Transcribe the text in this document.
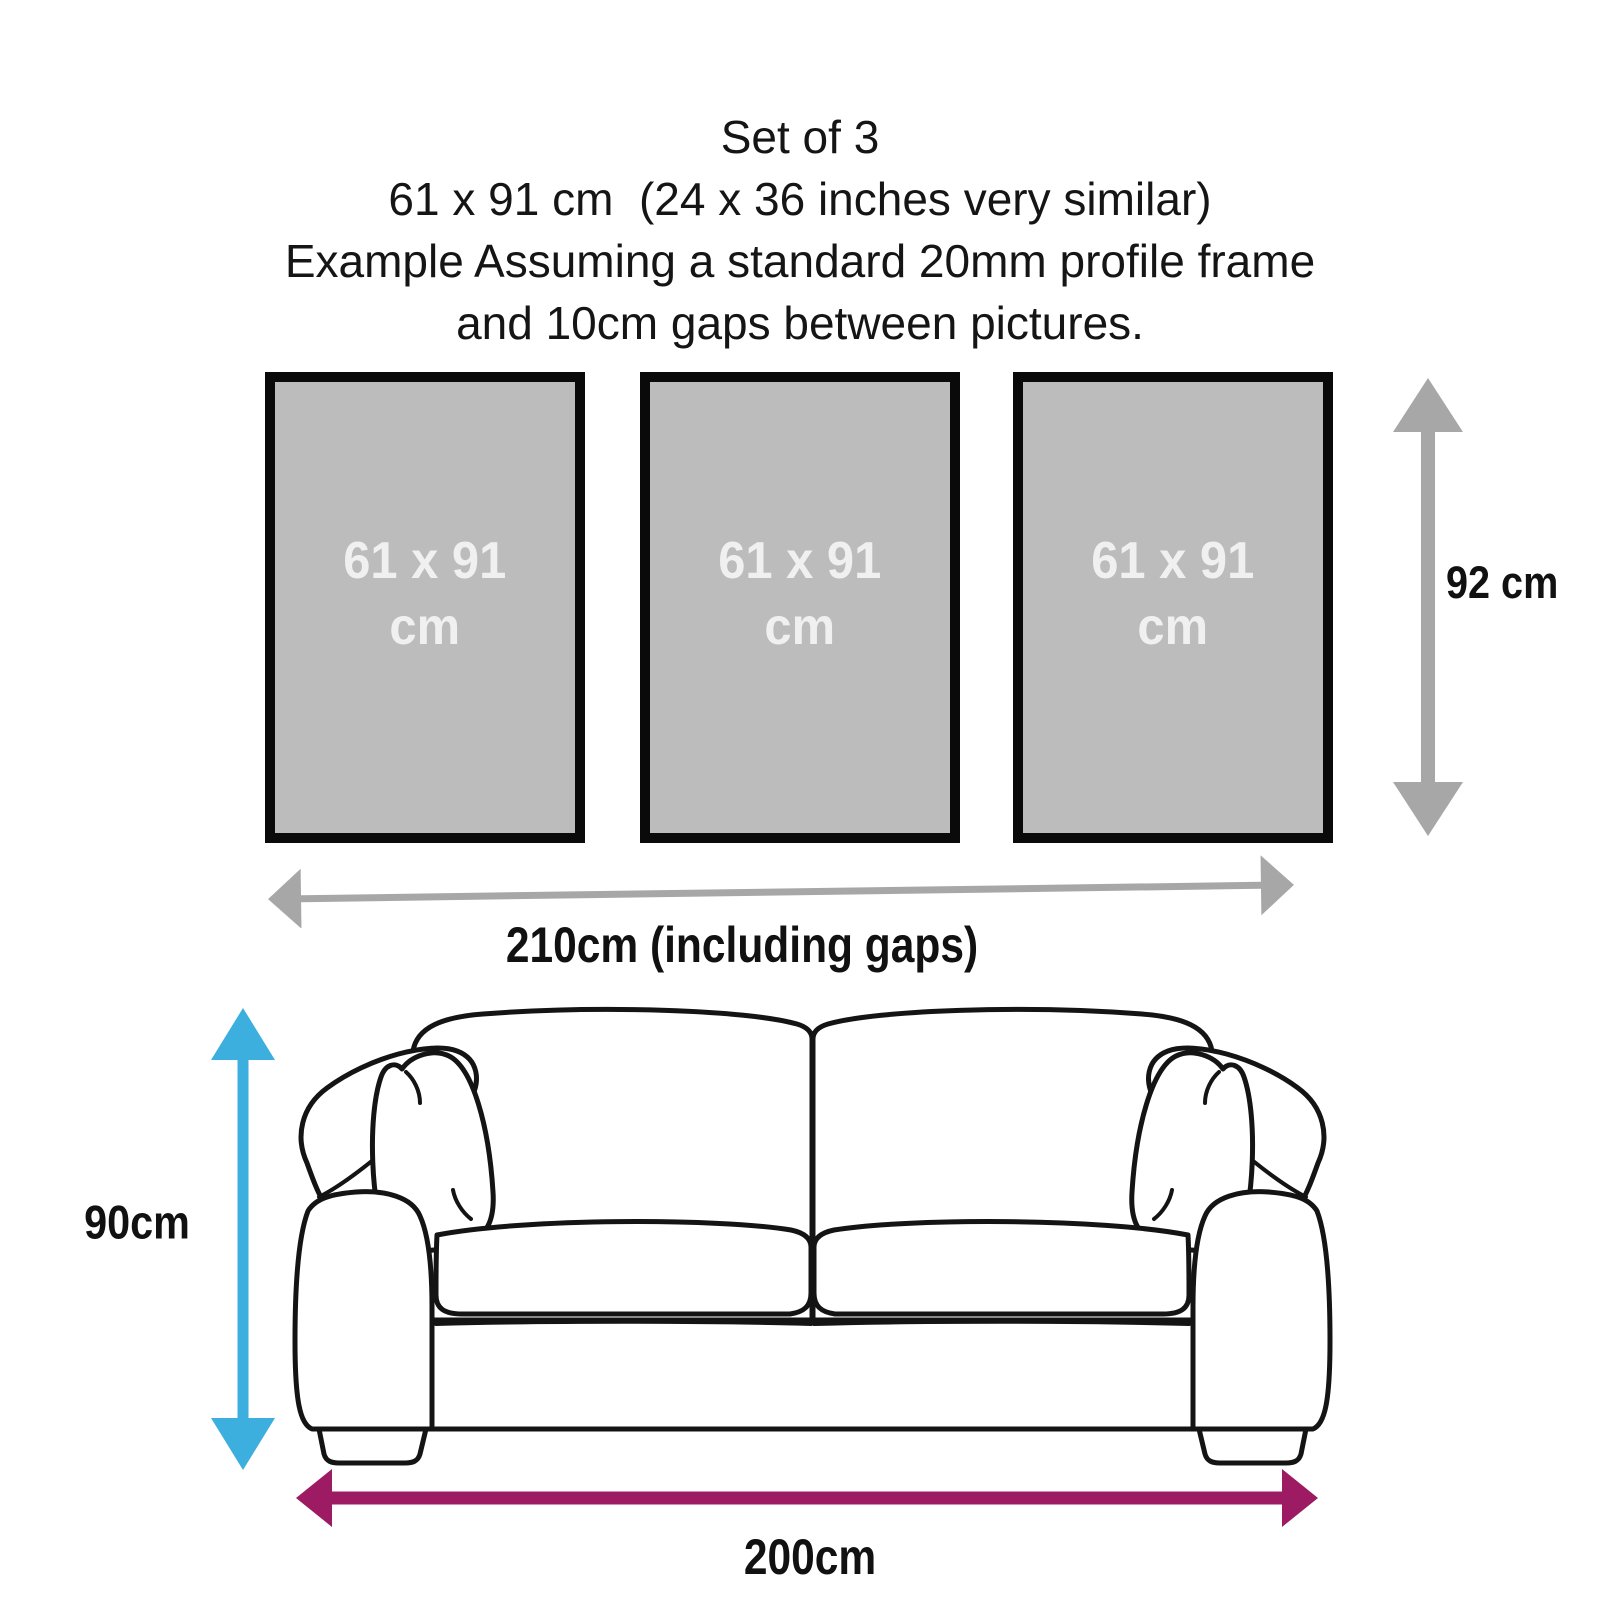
Set of 3
61 x 91 cm  (24 x 36 inches very similar)
Example Assuming a standard 20mm profile frame
and 10cm gaps between pictures.
61 x 91
cm
61 x 91
cm
61 x 91
cm
92 cm
210cm (including gaps)
90cm
200cm
